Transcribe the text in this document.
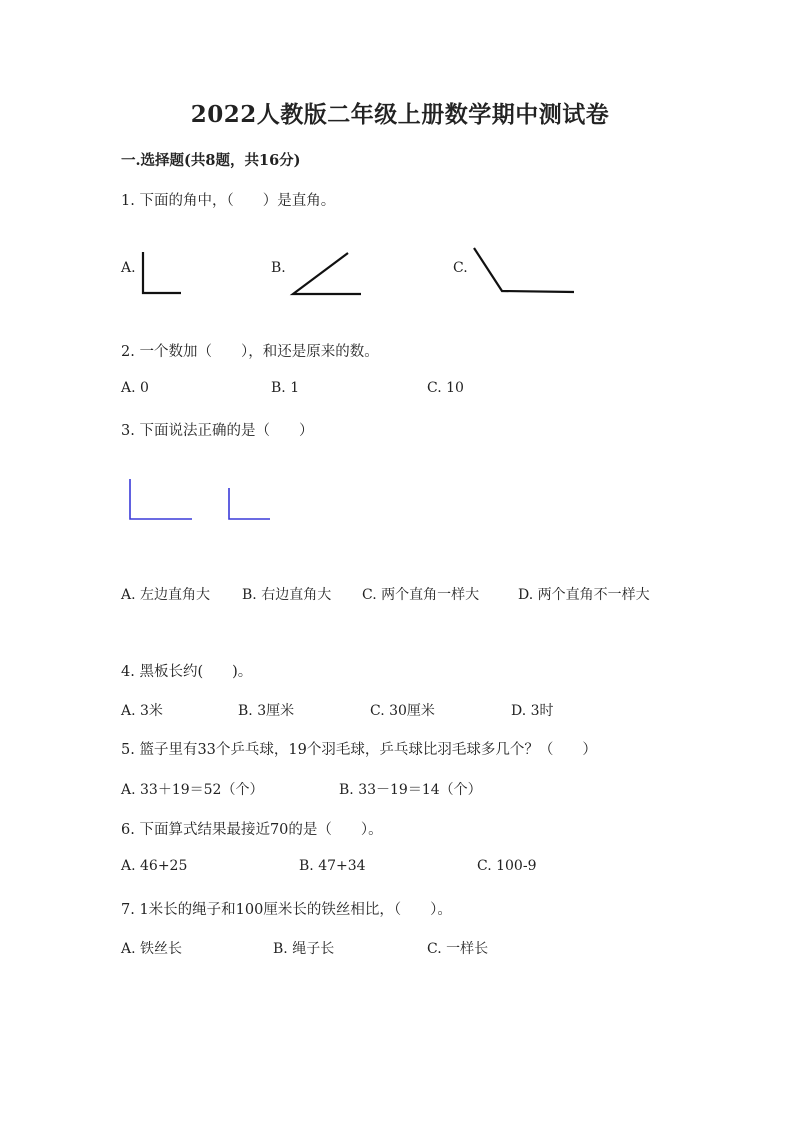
2022人教版二年级上册数学期中测试卷
一.选择题(共8题，共16分)
1. 下面的角中，（　　）是直角。
A.	B.	C.
2. 一个数加（　　），和还是原来的数。
A. 0	B. 1	C. 10
3. 下面说法正确的是（　　）
A. 左边直角大 B. 右边直角大 C. 两个直角一样大	D. 两个直角不一样大
4. 黑板长约(　　)。
A. 3米	B. 3厘米	C. 30厘米	D. 3时
5. 篮子里有33个乒乓球，19个羽毛球，乒乓球比羽毛球多几个？（　　）
A. 33＋19＝52（个）	B. 33－19＝14（个）
6. 下面算式结果最接近70的是（　　）。
A. 46+25	B. 47+34	C. 100-9
7. 1米长的绳子和100厘米长的铁丝相比，（　　）。
A. 铁丝长	B. 绳子长	C. 一样长
